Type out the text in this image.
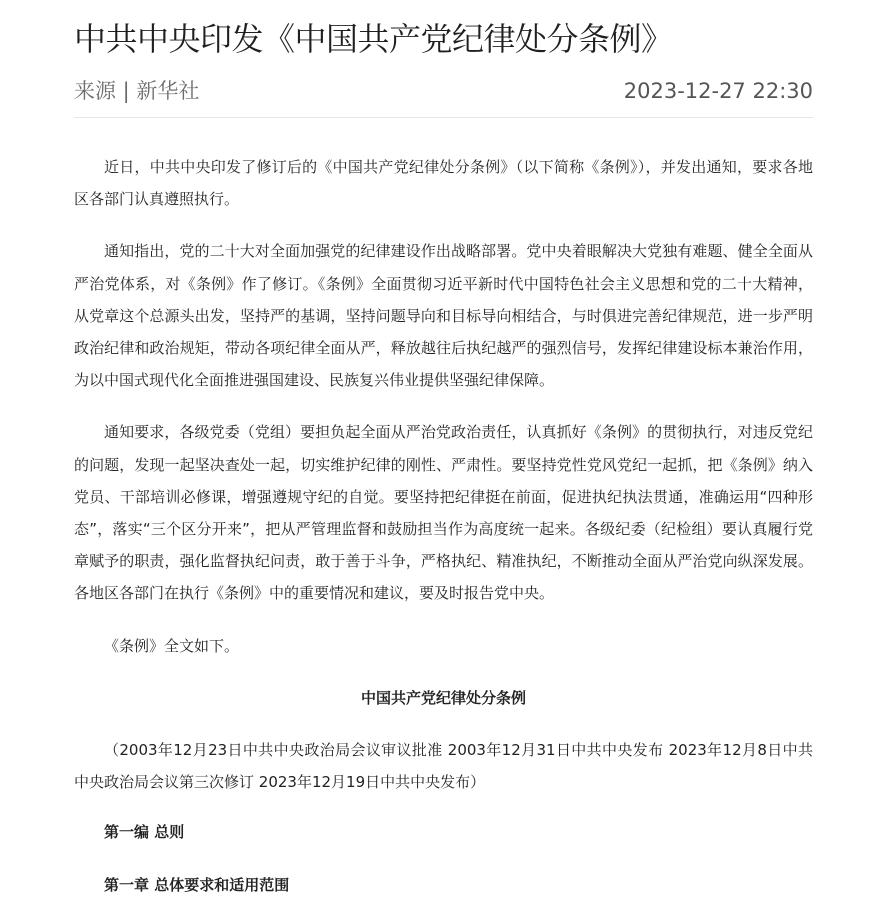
中共中央印发《中国共产党纪律处分条例》
来源 | 新华社	2023-12-27 22:30

近日，中共中央印发了修订后的《中国共产党纪律处分条例》（以下简称《条例》），并发出通知，要求各地区各部门认真遵照执行。

通知指出，党的二十大对全面加强党的纪律建设作出战略部署。党中央着眼解决大党独有难题、健全全面从严治党体系，对《条例》作了修订。《条例》全面贯彻习近平新时代中国特色社会主义思想和党的二十大精神，从党章这个总源头出发，坚持严的基调，坚持问题导向和目标导向相结合，与时俱进完善纪律规范，进一步严明政治纪律和政治规矩，带动各项纪律全面从严，释放越往后执纪越严的强烈信号，发挥纪律建设标本兼治作用，为以中国式现代化全面推进强国建设、民族复兴伟业提供坚强纪律保障。

通知要求，各级党委（党组）要担负起全面从严治党政治责任，认真抓好《条例》的贯彻执行，对违反党纪的问题，发现一起坚决查处一起，切实维护纪律的刚性、严肃性。要坚持党性党风党纪一起抓，把《条例》纳入党员、干部培训必修课，增强遵规守纪的自觉。要坚持把纪律挺在前面，促进执纪执法贯通，准确运用“四种形态”，落实“三个区分开来”，把从严管理监督和鼓励担当作为高度统一起来。各级纪委（纪检组）要认真履行党章赋予的职责，强化监督执纪问责，敢于善于斗争，严格执纪、精准执纪，不断推动全面从严治党向纵深发展。各地区各部门在执行《条例》中的重要情况和建议，要及时报告党中央。

《条例》全文如下。

中国共产党纪律处分条例

（2003年12月23日中共中央政治局会议审议批准 2003年12月31日中共中央发布 2023年12月8日中共中央政治局会议第三次修订 2023年12月19日中共中央发布）

第一编 总则

第一章 总体要求和适用范围
